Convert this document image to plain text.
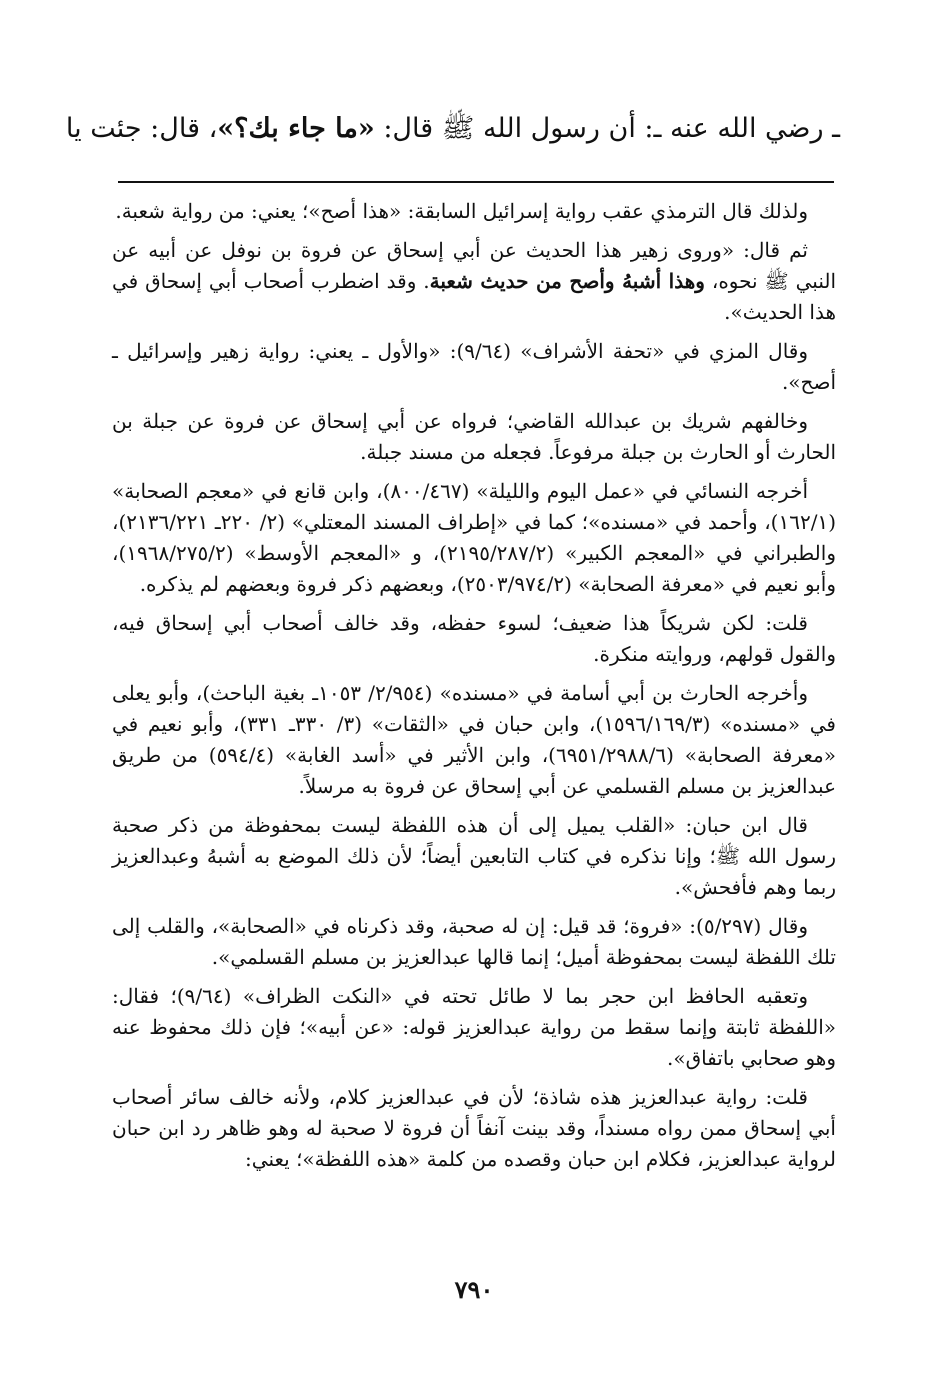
ـ رضي الله عنه ـ: أن رسول الله ﷺ قال: «ما جاء بك؟»، قال: جئت يا

ولذلك قال الترمذي عقب رواية إسرائيل السابقة: «هذا أصح»؛ يعني: من رواية شعبة.

ثم قال: «وروى زهير هذا الحديث عن أبي إسحاق عن فروة بن نوفل عن أبيه عن النبي ﷺ نحوه، وهذا أشبهُ وأصح من حديث شعبة. وقد اضطرب أصحاب أبي إسحاق في هذا الحديث».

وقال المزي في «تحفة الأشراف» (٩/٦٤): «والأول ـ يعني: رواية زهير وإسرائيل ـ أصح».

وخالفهم شريك بن عبدالله القاضي؛ فرواه عن أبي إسحاق عن فروة عن جبلة بن الحارث أو الحارث بن جبلة مرفوعاً. فجعله من مسند جبلة.

أخرجه النسائي في «عمل اليوم والليلة» (٨٠٠/٤٦٧)، وابن قانع في «معجم الصحابة» (١٦٢/١)، وأحمد في «مسنده»؛ كما في «إطراف المسند المعتلي» (٢/ ٢٢٠ـ ٢١٣٦/٢٢١)، والطبراني في «المعجم الكبير» (٢١٩٥/٢٨٧/٢)، و «المعجم الأوسط» (١٩٦٨/٢٧٥/٢)، وأبو نعيم في «معرفة الصحابة» (٢٥٠٣/٩٧٤/٢)، وبعضهم ذكر فروة وبعضهم لم يذكره.

قلت: لكن شريكاً هذا ضعيف؛ لسوء حفظه، وقد خالف أصحاب أبي إسحاق فيه، والقول قولهم، وروايته منكرة.

وأخرجه الحارث بن أبي أسامة في «مسنده» (٢/٩٥٤/ ١٠٥٣ـ بغية الباحث)، وأبو يعلى في «مسنده» (١٥٩٦/١٦٩/٣)، وابن حبان في «الثقات» (٣/ ٣٣٠ـ ٣٣١)، وأبو نعيم في «معرفة الصحابة» (٦٩٥١/٢٩٨٨/٦)، وابن الأثير في «أسد الغابة» (٥٩٤/٤) من طريق عبدالعزيز بن مسلم القسلمي عن أبي إسحاق عن فروة به مرسلاً.

قال ابن حبان: «القلب يميل إلى أن هذه اللفظة ليست بمحفوظة من ذكر صحبة رسول الله ﷺ؛ وإنا نذكره في كتاب التابعين أيضاً؛ لأن ذلك الموضع به أشبهُ وعبدالعزيز ربما وهم فأفحش».

وقال (٥/٢٩٧): «فروة؛ قد قيل: إن له صحبة، وقد ذكرناه في «الصحابة»، والقلب إلى تلك اللفظة ليست بمحفوظة أميل؛ إنما قالها عبدالعزيز بن مسلم القسلمي».

وتعقبه الحافظ ابن حجر بما لا طائل تحته في «النكت الظراف» (٩/٦٤)؛ فقال: «اللفظة ثابتة وإنما سقط من رواية عبدالعزيز قوله: «عن أبيه»؛ فإن ذلك محفوظ عنه وهو صحابي باتفاق».

قلت: رواية عبدالعزيز هذه شاذة؛ لأن في عبدالعزيز كلام، ولأنه خالف سائر أصحاب أبي إسحاق ممن رواه مسنداً، وقد بينت آنفاً أن فروة لا صحبة له وهو ظاهر رد ابن حبان لرواية عبدالعزيز، فكلام ابن حبان وقصده من كلمة «هذه اللفظة»؛ يعني:

٧٩٠
